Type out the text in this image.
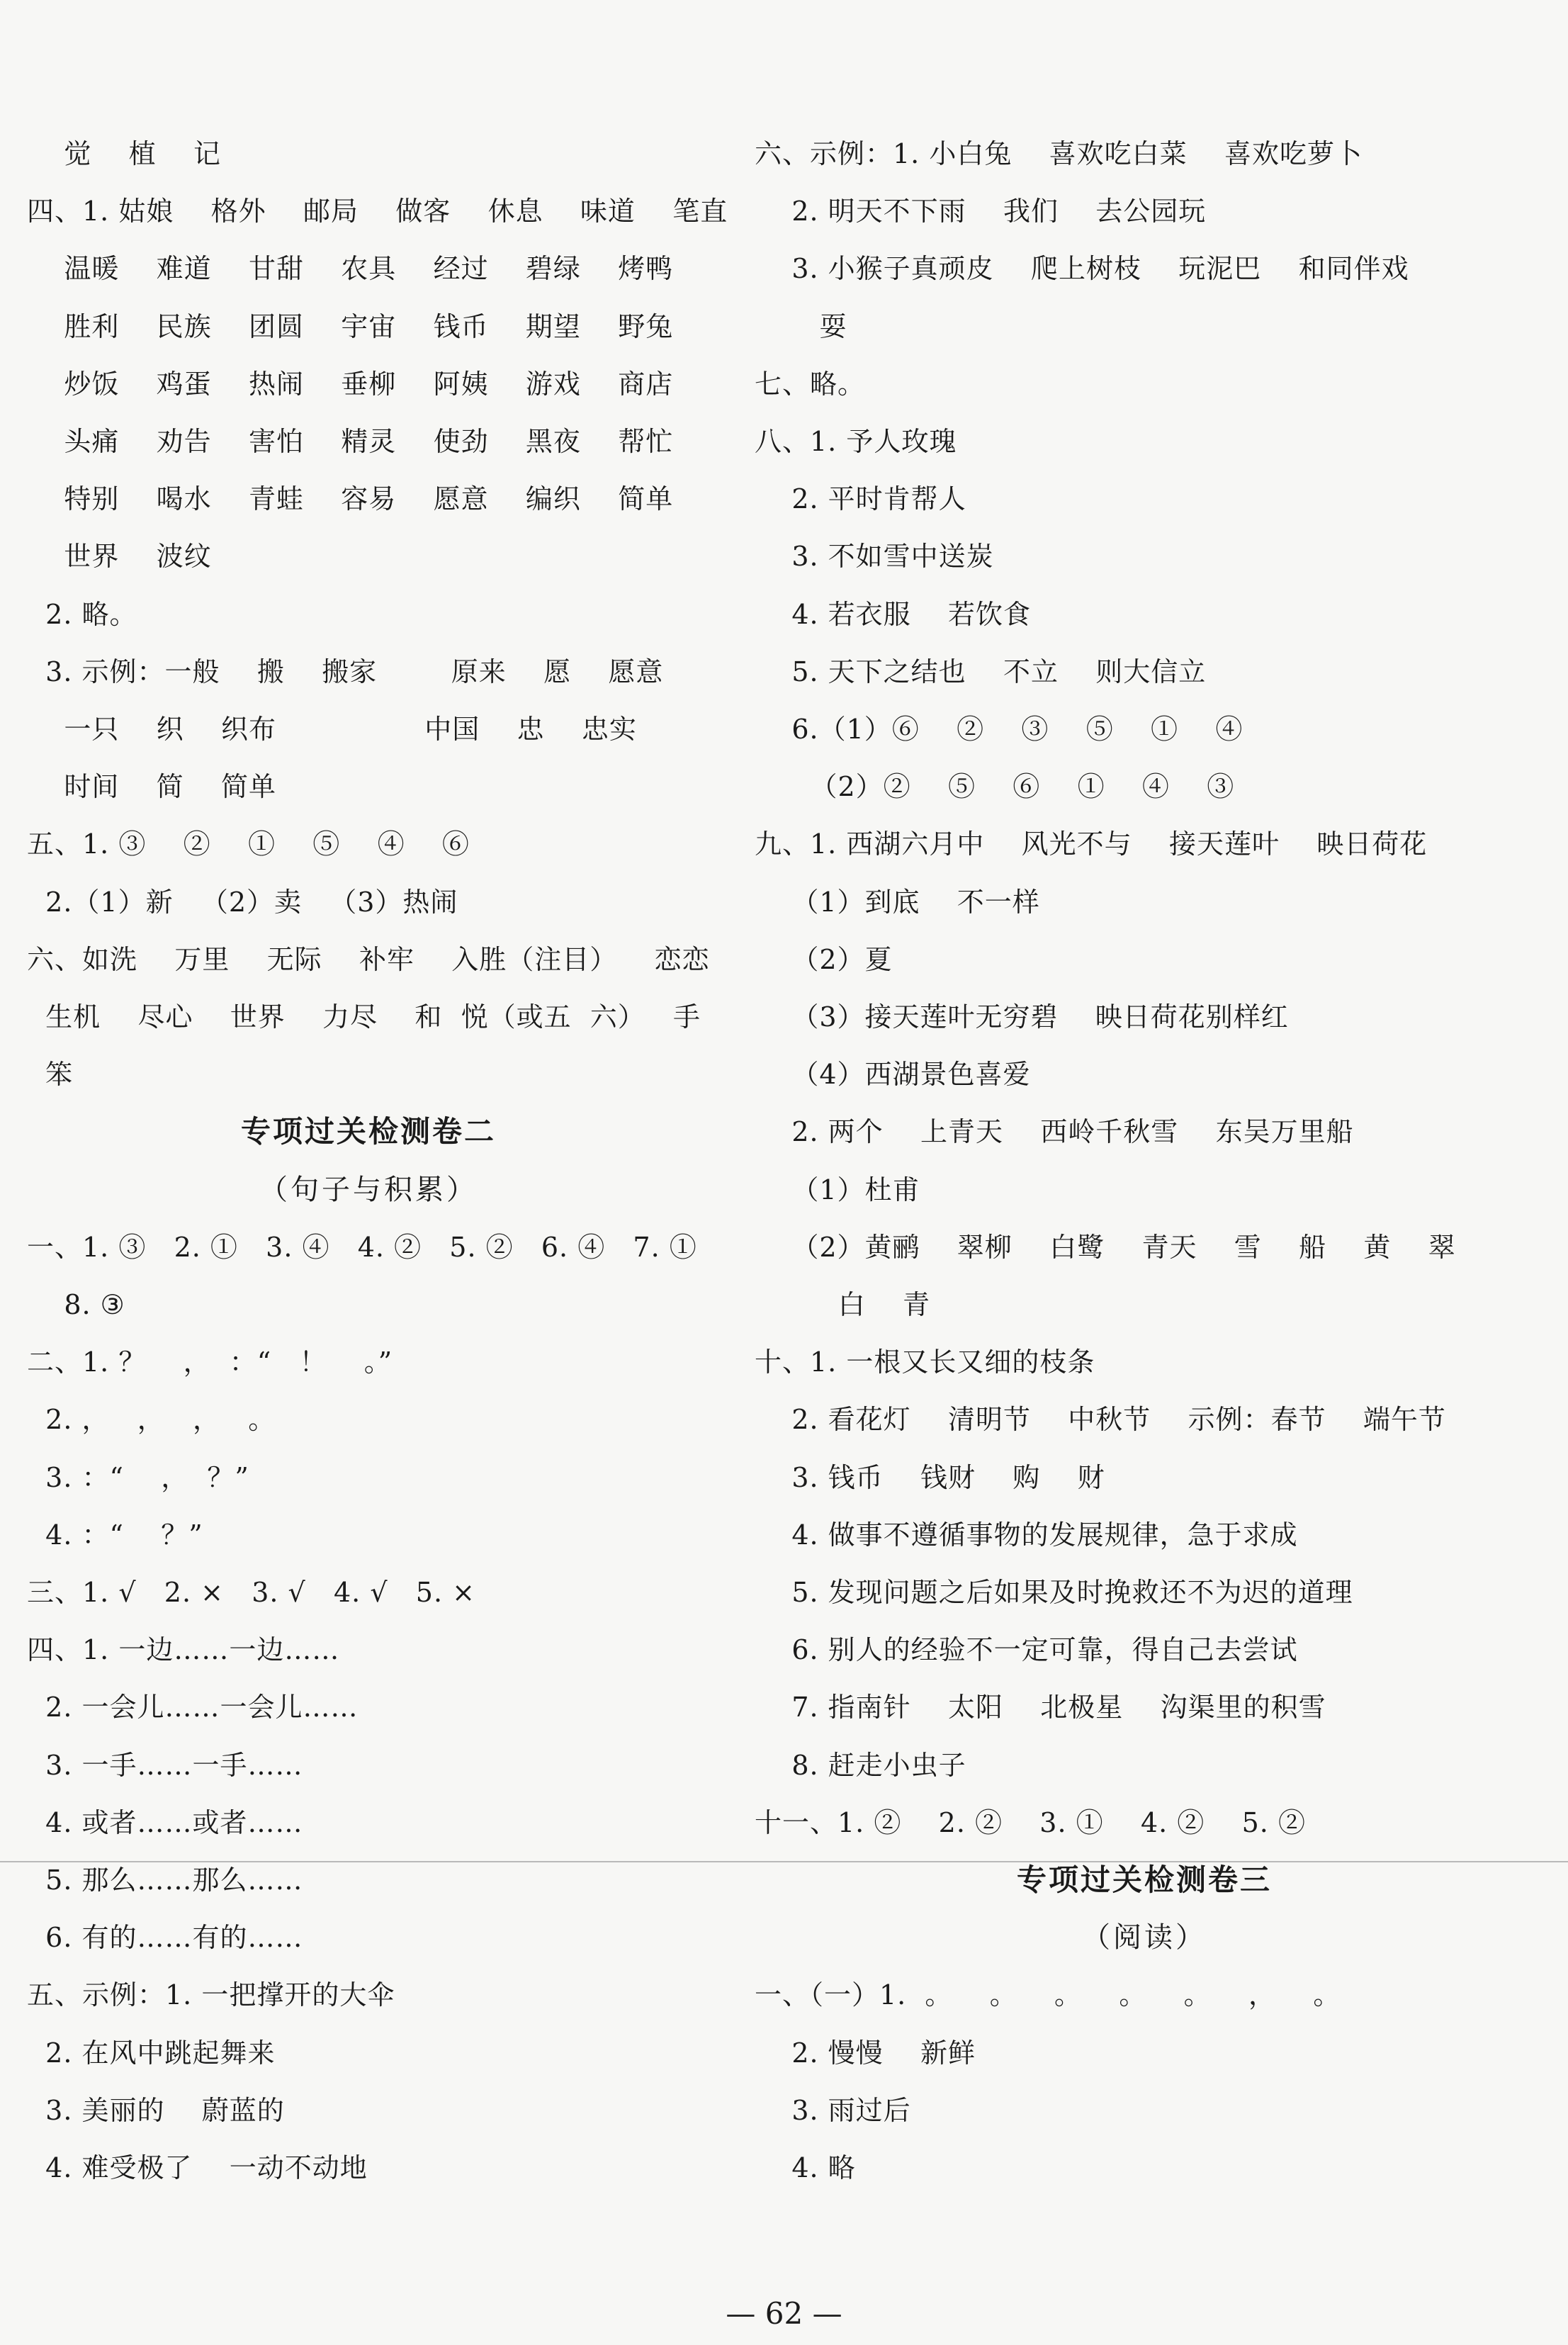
觉    植    记
四、1. 姑娘    格外    邮局    做客    休息    味道    笔直
温暖    难道    甘甜    农具    经过    碧绿    烤鸭
胜利    民族    团圆    宇宙    钱币    期望    野兔
炒饭    鸡蛋    热闹    垂柳    阿姨    游戏    商店
头痛    劝告    害怕    精灵    使劲    黑夜    帮忙
特别    喝水    青蛙    容易    愿意    编织    简单
世界    波纹
2. 略。
3. 示例：一般    搬    搬家        原来    愿    愿意
一只    织    织布                中国    忠    忠实
时间    简    简单
五、1. ③    ②    ①    ⑤    ④    ⑥
2.（1）新   （2）卖   （3）热闹
六、如洗    万里    无际    补牢    入胜（注目）    恋恋
生机    尽心    世界    力尽    和  悦（或五  六）   手
笨
专项过关检测卷二
（句子与积累）
一、1. ③   2. ①   3. ④   4. ②   5. ②   6. ④   7. ①
8. ③
二、1. ？    ，  ：“   ！    。”
2. ，   ，   ，   。
3. ：“    ，  ？”
4. ：“    ？”
三、1. √   2. ×   3. √   4. √   5. ×
四、1. 一边……一边……
2. 一会儿……一会儿……
3. 一手……一手……
4. 或者……或者……
5. 那么……那么……
6. 有的……有的……
五、示例：1. 一把撑开的大伞
2. 在风中跳起舞来
3. 美丽的    蔚蓝的
4. 难受极了    一动不动地
六、示例：1. 小白兔    喜欢吃白菜    喜欢吃萝卜
2. 明天不下雨    我们    去公园玩
3. 小猴子真顽皮    爬上树枝    玩泥巴    和同伴戏
耍
七、略。
八、1. 予人玫瑰
2. 平时肯帮人
3. 不如雪中送炭
4. 若衣服    若饮食
5. 天下之结也    不立    则大信立
6.（1）⑥    ②    ③    ⑤    ①    ④
（2）②    ⑤    ⑥    ①    ④    ③
九、1. 西湖六月中    风光不与    接天莲叶    映日荷花
（1）到底    不一样
（2）夏
（3）接天莲叶无穷碧    映日荷花别样红
（4）西湖景色喜爱
2. 两个    上青天    西岭千秋雪    东吴万里船
（1）杜甫
（2）黄鹂    翠柳    白鹭    青天    雪    船    黄    翠
白    青
十、1. 一根又长又细的枝条
2. 看花灯    清明节    中秋节    示例：春节    端午节
3. 钱币    钱财    购    财
4. 做事不遵循事物的发展规律，急于求成
5. 发现问题之后如果及时挽救还不为迟的道理
6. 别人的经验不一定可靠，得自己去尝试
7. 指南针    太阳    北极星    沟渠里的积雪
8. 赶走小虫子
十一、1. ②    2. ②    3. ①    4. ②    5. ②
专项过关检测卷三
（阅读）
一、（一）1.  。    。    。    。    。    ，    。
2. 慢慢    新鲜
3. 雨过后
4. 略
— 62 —
